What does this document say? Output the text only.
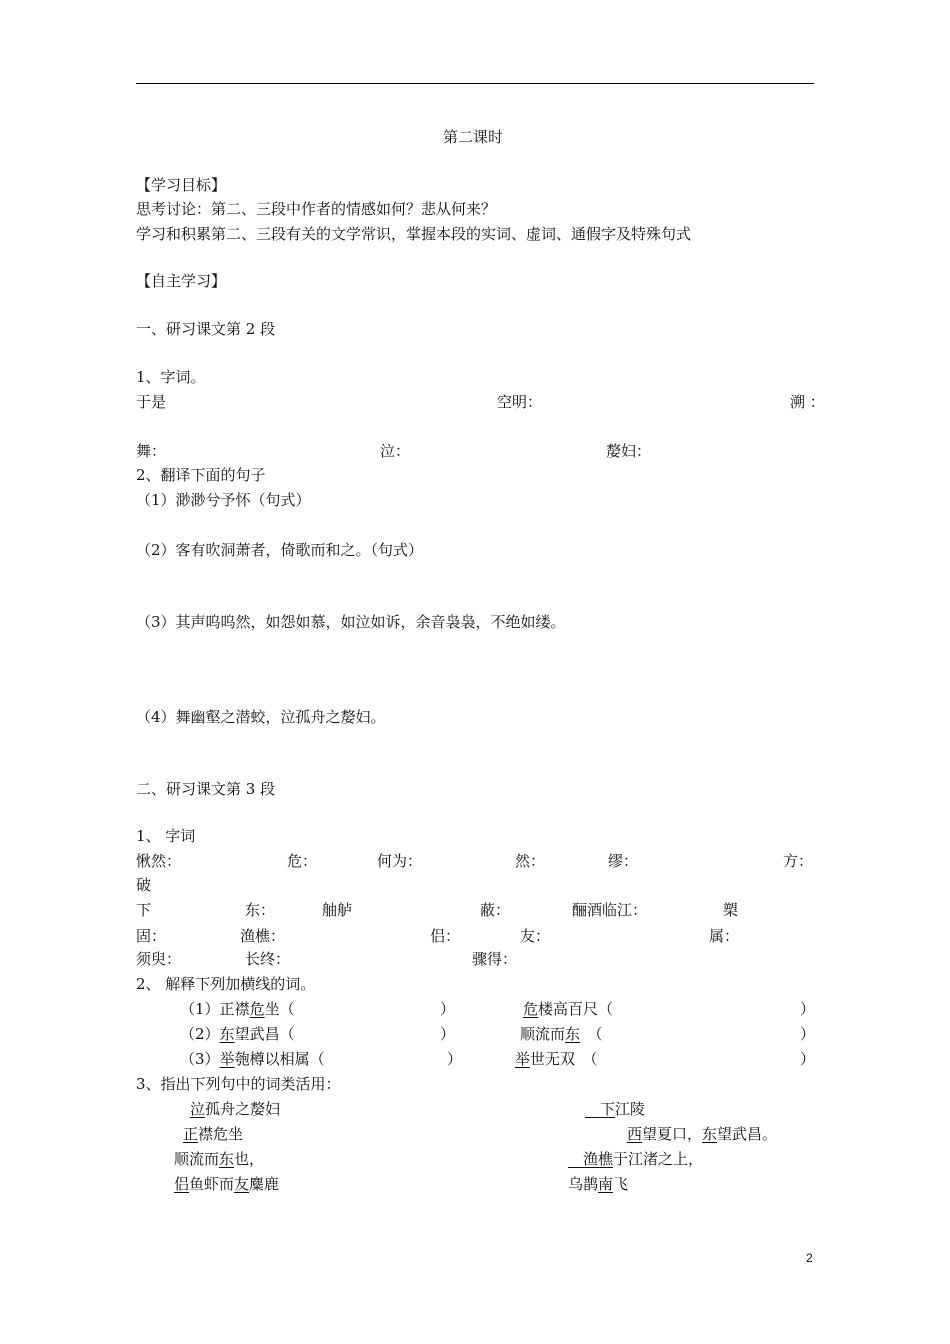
第二课时
【学习目标】
思考讨论：第二、三段中作者的情感如何？悲从何来？
学习和积累第二、三段有关的文学常识，掌握本段的实词、虚词、通假字及特殊句式
【自主学习】
一、研习课文第 2 段
1、字词。
于是	空明：	溯 ：
舞：	泣：	嫠妇：
2、翻译下面的句子
（1）渺渺兮予怀（句式）
（2）客有吹洞萧者，倚歌而和之。（句式）
（3）其声呜呜然，如怨如慕，如泣如诉，余音袅袅，不绝如缕。
（4）舞幽壑之潜蛟，泣孤舟之嫠妇。
二、研习课文第 3 段
1、 字词
愀然：	危：	何为：	然：	缪：	方：
破
下	东：	舳舻	蔽：	酾酒临江：	槊
固：	渔樵：	侣：	友：	属：
须臾：	长终：	骤得：
2、 解释下列加横线的词。
（1）正襟危坐（	）	危楼高百尺（	）
（2）东望武昌（	）	顺流而东　（	）
（3）举匏樽以相属（	）	举世无双　（	）
3、指出下列句中的词类活用：
泣孤舟之嫠妇	　下江陵
正襟危坐	西望夏口，东望武昌。
顺流而东也，	　渔樵于江渚之上，
侣鱼虾而友麋鹿	乌鹊南飞
2
